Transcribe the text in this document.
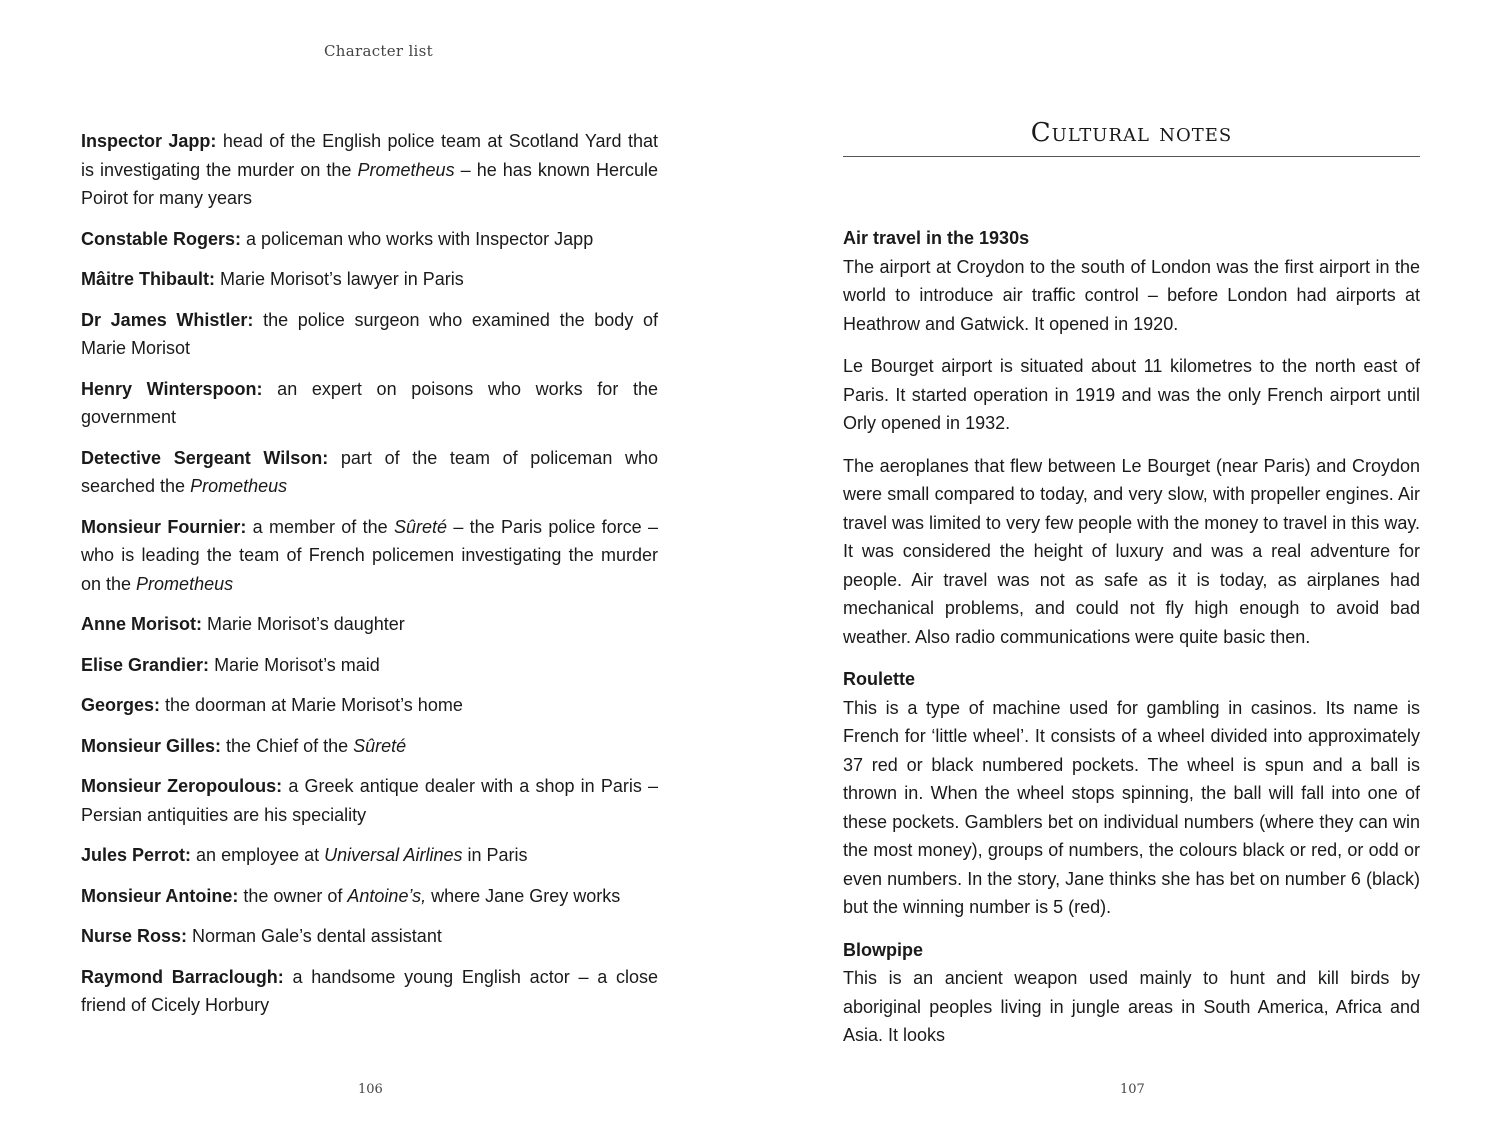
Character list
Inspector Japp: head of the English police team at Scotland Yard that is investigating the murder on the Prometheus – he has known Hercule Poirot for many years
Constable Rogers: a policeman who works with Inspector Japp
Mâitre Thibault: Marie Morisot’s lawyer in Paris
Dr James Whistler: the police surgeon who examined the body of Marie Morisot
Henry Winterspoon: an expert on poisons who works for the government
Detective Sergeant Wilson: part of the team of policeman who searched the Prometheus
Monsieur Fournier: a member of the Sûreté – the Paris police force – who is leading the team of French policemen investigating the murder on the Prometheus
Anne Morisot: Marie Morisot’s daughter
Elise Grandier: Marie Morisot’s maid
Georges: the doorman at Marie Morisot’s home
Monsieur Gilles: the Chief of the Sûreté
Monsieur Zeropoulous: a Greek antique dealer with a shop in Paris – Persian antiquities are his speciality
Jules Perrot: an employee at Universal Airlines in Paris
Monsieur Antoine: the owner of Antoine’s, where Jane Grey works
Nurse Ross: Norman Gale’s dental assistant
Raymond Barraclough: a handsome young English actor – a close friend of Cicely Horbury
106
Cultural notes
Air travel in the 1930s

The airport at Croydon to the south of London was the first airport in the world to introduce air traffic control – before London had airports at Heathrow and Gatwick. It opened in 1920.

Le Bourget airport is situated about 11 kilometres to the north east of Paris. It started operation in 1919 and was the only French airport until Orly opened in 1932.

The aeroplanes that flew between Le Bourget (near Paris) and Croydon were small compared to today, and very slow, with propeller engines. Air travel was limited to very few people with the money to travel in this way. It was considered the height of luxury and was a real adventure for people. Air travel was not as safe as it is today, as airplanes had mechanical problems, and could not fly high enough to avoid bad weather. Also radio communications were quite basic then.

Roulette

This is a type of machine used for gambling in casinos. Its name is French for ‘little wheel’. It consists of a wheel divided into approximately 37 red or black numbered pockets. The wheel is spun and a ball is thrown in. When the wheel stops spinning, the ball will fall into one of these pockets. Gamblers bet on individual numbers (where they can win the most money), groups of numbers, the colours black or red, or odd or even numbers. In the story, Jane thinks she has bet on number 6 (black) but the winning number is 5 (red).

Blowpipe

This is an ancient weapon used mainly to hunt and kill birds by aboriginal peoples living in jungle areas in South America, Africa and Asia. It looks

107
